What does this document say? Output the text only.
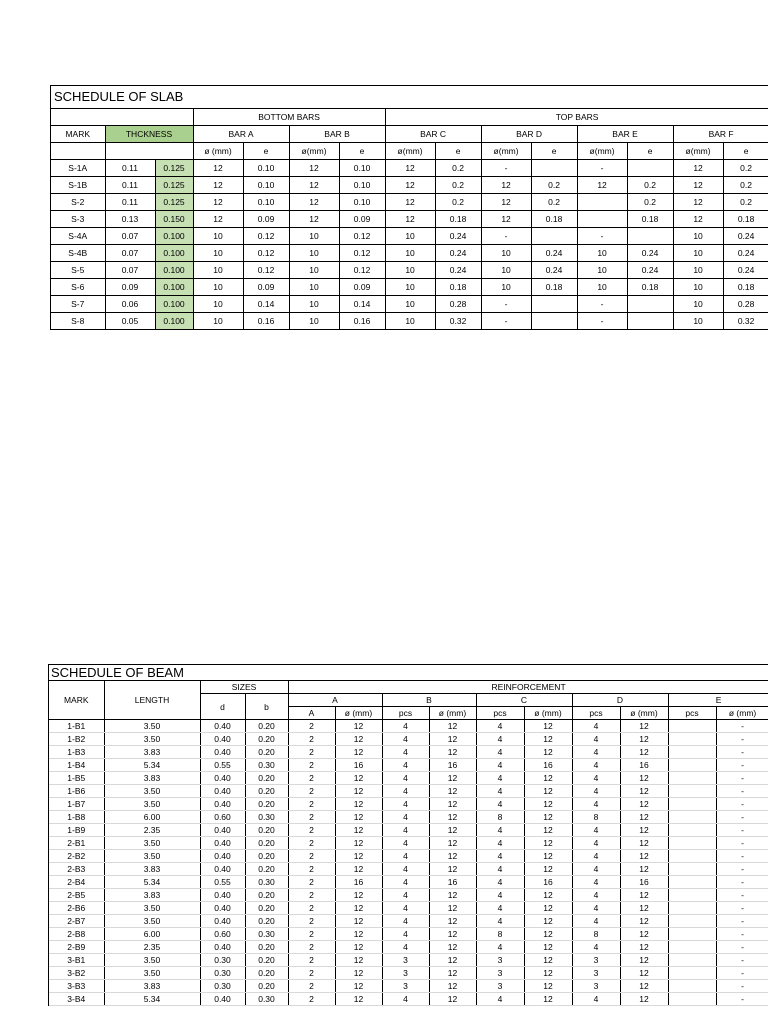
SCHEDULE OF SLAB
			BOTTOM BARS				TOP BARS							
MARK	THCKNESS		BAR A		BAR B		BAR C		BAR D		BAR E		BAR F	
			ø (mm)	e	ø(mm)	e	ø(mm)	e	ø(mm)	e	ø(mm)	e	ø(mm)	e
S-1A	0.11	0.125	12	0.10	12	0.10	12	0.2	-		-		12	0.2
S-1B	0.11	0.125	12	0.10	12	0.10	12	0.2	12	0.2	12	0.2	12	0.2
S-2	0.11	0.125	12	0.10	12	0.10	12	0.2	12	0.2		0.2	12	0.2
S-3	0.13	0.150	12	0.09	12	0.09	12	0.18	12	0.18		0.18	12	0.18
S-4A	0.07	0.100	10	0.12	10	0.12	10	0.24	-		-		10	0.24
S-4B	0.07	0.100	10	0.12	10	0.12	10	0.24	10	0.24	10	0.24	10	0.24
S-5	0.07	0.100	10	0.12	10	0.12	10	0.24	10	0.24	10	0.24	10	0.24
S-6	0.09	0.100	10	0.09	10	0.09	10	0.18	10	0.18	10	0.18	10	0.18
S-7	0.06	0.100	10	0.14	10	0.14	10	0.28	-		-		10	0.28
S-8	0.05	0.100	10	0.16	10	0.16	10	0.32	-		-		10	0.32
SCHEDULE OF BEAM
MARK	LENGTH	SIZES		REINFORCEMENT									
		d	b	A		B		C		D		E	
				A	ø (mm)	pcs	ø (mm)	pcs	ø (mm)	pcs	ø (mm)	pcs	ø (mm)
1-B1	3.50	0.40	0.20	2	12	4	12	4	12	4	12		-
1-B2	3.50	0.40	0.20	2	12	4	12	4	12	4	12		-
1-B3	3.83	0.40	0.20	2	12	4	12	4	12	4	12		-
1-B4	5.34	0.55	0.30	2	16	4	16	4	16	4	16		-
1-B5	3.83	0.40	0.20	2	12	4	12	4	12	4	12		-
1-B6	3.50	0.40	0.20	2	12	4	12	4	12	4	12		-
1-B7	3.50	0.40	0.20	2	12	4	12	4	12	4	12		-
1-B8	6.00	0.60	0.30	2	12	4	12	8	12	8	12		-
1-B9	2.35	0.40	0.20	2	12	4	12	4	12	4	12		-
2-B1	3.50	0.40	0.20	2	12	4	12	4	12	4	12		-
2-B2	3.50	0.40	0.20	2	12	4	12	4	12	4	12		-
2-B3	3.83	0.40	0.20	2	12	4	12	4	12	4	12		-
2-B4	5.34	0.55	0.30	2	16	4	16	4	16	4	16		-
2-B5	3.83	0.40	0.20	2	12	4	12	4	12	4	12		-
2-B6	3.50	0.40	0.20	2	12	4	12	4	12	4	12		-
2-B7	3.50	0.40	0.20	2	12	4	12	4	12	4	12		-
2-B8	6.00	0.60	0.30	2	12	4	12	8	12	8	12		-
2-B9	2.35	0.40	0.20	2	12	4	12	4	12	4	12		-
3-B1	3.50	0.30	0.20	2	12	3	12	3	12	3	12		-
3-B2	3.50	0.30	0.20	2	12	3	12	3	12	3	12		-
3-B3	3.83	0.30	0.20	2	12	3	12	3	12	3	12		-
3-B4	5.34	0.40	0.30	2	12	4	12	4	12	4	12		-
